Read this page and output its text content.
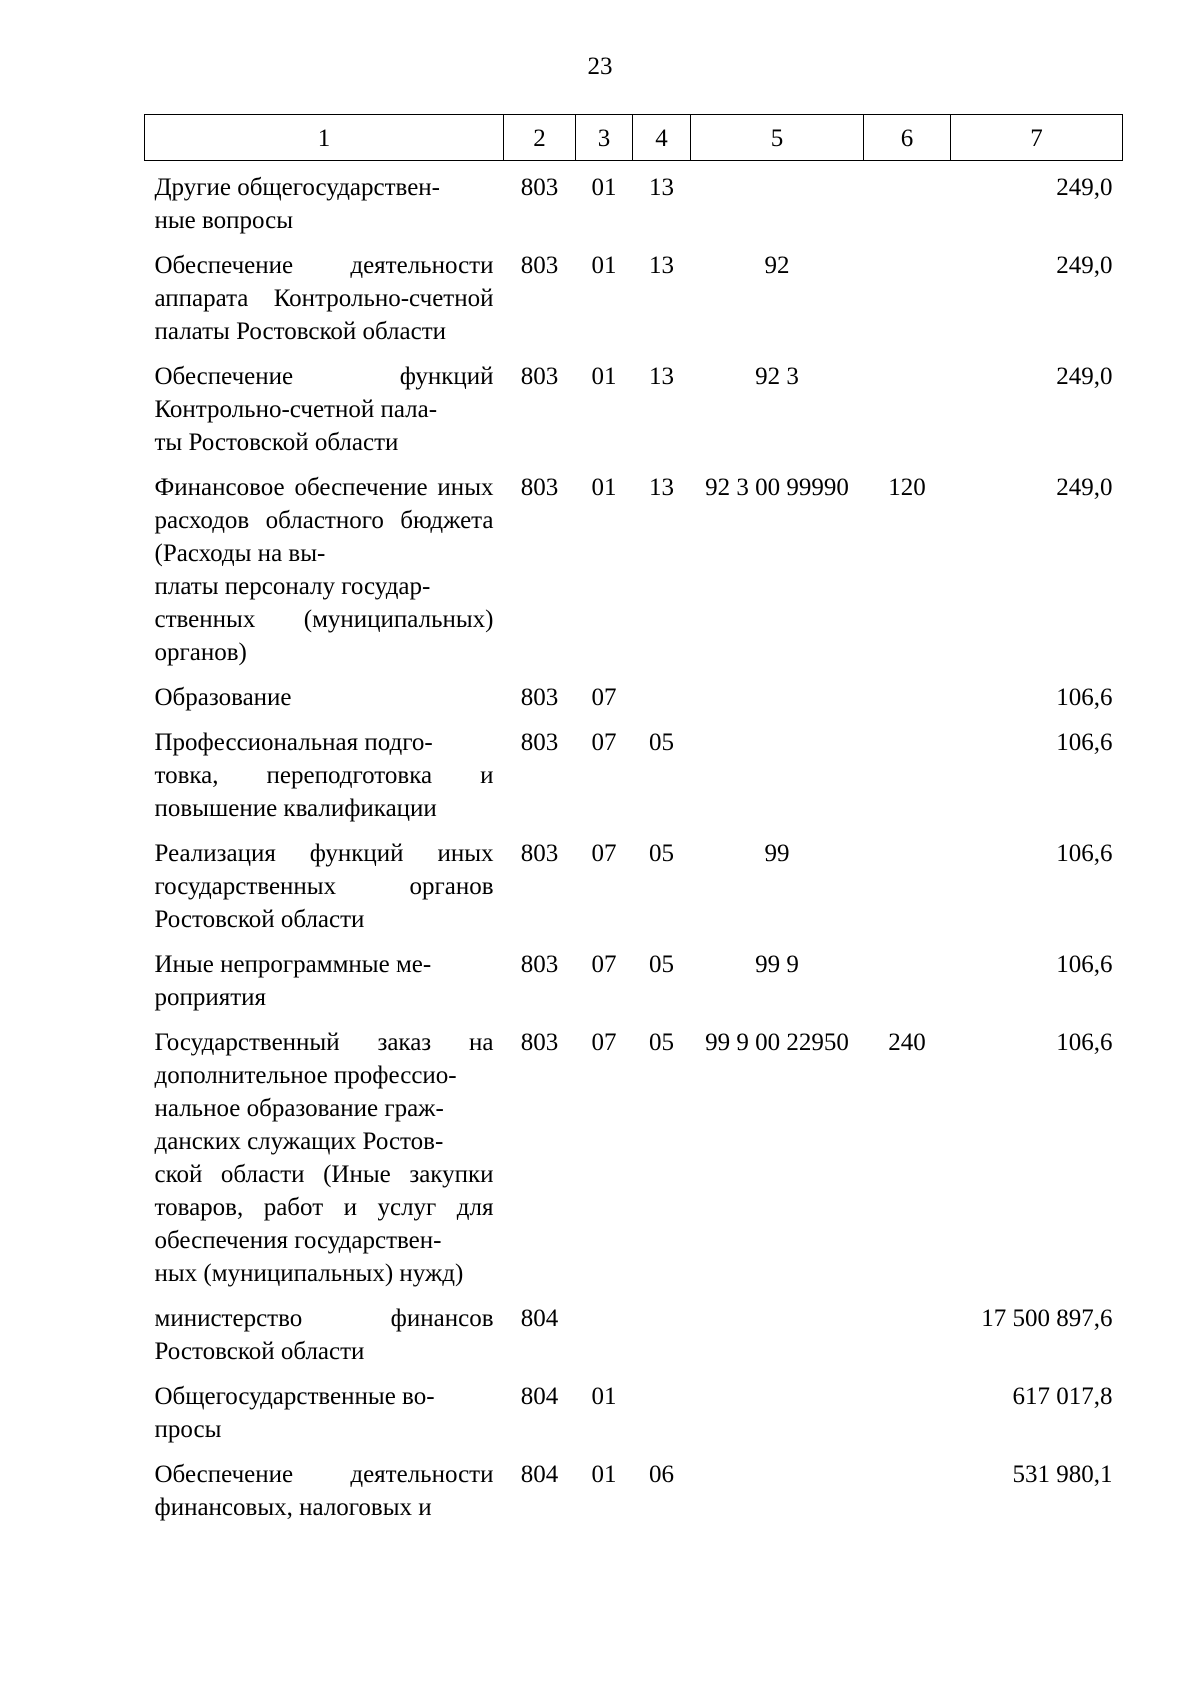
23
1	2	3	4	5	6	7
Другие общегосударствен-
ные вопросы	803	01	13			249,0
Обеспечение деятельности аппарата Контрольно-счетной палаты Ростовской области	803	01	13	92		249,0
Обеспечение функций Контрольно-счетной пала-
ты Ростовской области	803	01	13	92 3		249,0
Финансовое обеспечение иных расходов областного бюджета (Расходы на вы-
платы персоналу государ-
ственных (муниципальных) органов)	803	01	13	92 3 00 99990	120	249,0
Образование	803	07				106,6
Профессиональная подго-
товка, переподготовка и повышение квалификации	803	07	05			106,6
Реализация функций иных государственных органов Ростовской области	803	07	05	99		106,6
Иные непрограммные ме-
роприятия	803	07	05	99 9		106,6
Государственный заказ на дополнительное профессио-
нальное образование граж-
данских служащих Ростов-
ской области (Иные закупки товаров, работ и услуг для обеспечения государствен-
ных (муниципальных) нужд)	803	07	05	99 9 00 22950	240	106,6
министерство финансов Ростовской области	804					17 500 897,6
Общегосударственные во-
просы	804	01				617 017,8
Обеспечение деятельности финансовых, налоговых и	804	01	06			531 980,1
